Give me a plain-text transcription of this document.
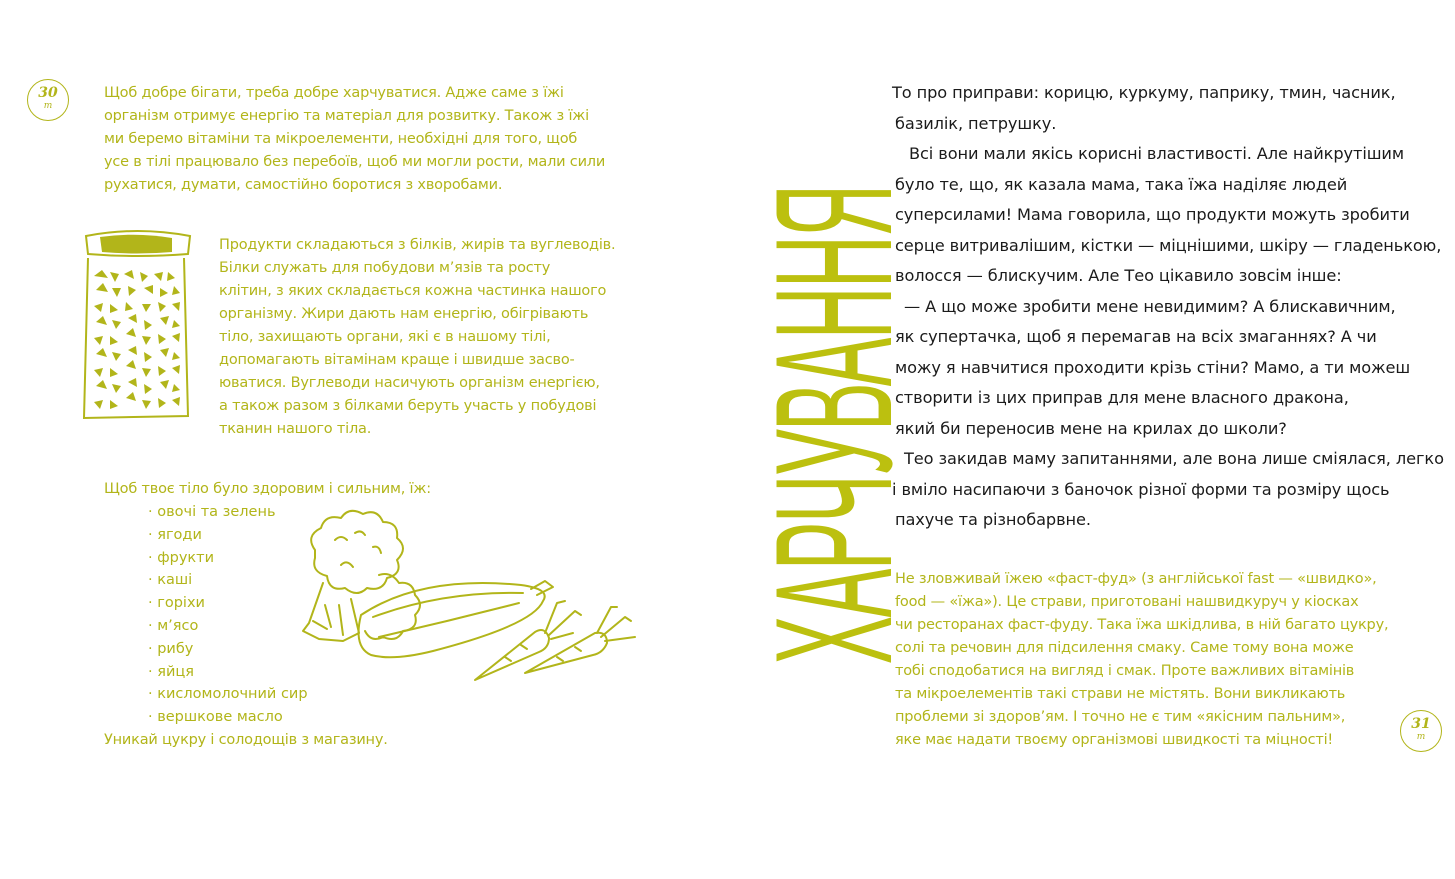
30
m

Щоб добре бігати, треба добре харчуватися. Адже саме з їжі
організм отримує енергію та матеріал для розвитку. Також з їжі
ми беремо вітаміни та мікроелементи, необхідні для того, щоб
усе в тілі працювало без перебоїв, щоб ми могли рости, мали сили
рухатися, думати, самостійно боротися з хворобами.

Продукти складаються з білків, жирів та вуглеводів.
Білки служать для побудови м’язів та росту
клітин, з яких складається кожна частинка нашого
організму. Жири дають нам енергію, обігрівають
тіло, захищають органи, які є в нашому тілі,
допомагають вітамінам краще і швидше засво-
юватися. Вуглеводи насичують організм енергією,
а також разом з білками беруть участь у побудові
тканин нашого тіла.

Щоб твоє тіло було здоровим і сильним, їж:

· овочі та зелень
· ягоди
· фрукти
· каші
· горіхи
· м’ясо
· рибу
· яйця
· кисломолочний сир
· вершкове масло

Уникай цукру і солодощів з магазину.

ХАРЧУВАННЯ

То про приправи: корицю, куркуму, паприку, тмин, часник,
базилік, петрушку.
Всі вони мали якісь корисні властивості. Але найкрутішим
було те, що, як казала мама, така їжа наділяє людей
суперсилами! Мама говорила, що продукти можуть зробити
серце витривалішим, кістки — міцнішими, шкіру — гладенькою,
волосся — блискучим. Але Тео цікавило зовсім інше:
— А що може зробити мене невидимим? А блискавичним,
як супертачка, щоб я перемагав на всіх змаганнях? А чи
можу я навчитися проходити крізь стіни? Мамо, а ти можеш
створити із цих приправ для мене власного дракона,
який би переносив мене на крилах до школи?
Тео закидав маму запитаннями, але вона лише сміялася, легко
і вміло насипаючи з баночок різної форми та розміру щось
пахуче та різнобарвне.

Не зловживай їжею «фаст-фуд» (з англійської fast — «швидко»,
food — «їжа»). Це страви, приготовані нашвидкуруч у кіосках
чи ресторанах фаст-фуду. Така їжа шкідлива, в ній багато цукру,
солі та речовин для підсилення смаку. Саме тому вона може
тобі сподобатися на вигляд і смак. Проте важливих вітамінів
та мікроелементів такі страви не містять. Вони викликають
проблеми зі здоров’ям. І точно не є тим «якісним пальним»,
яке має надати твоєму організмові швидкості та міцності!

31
m
